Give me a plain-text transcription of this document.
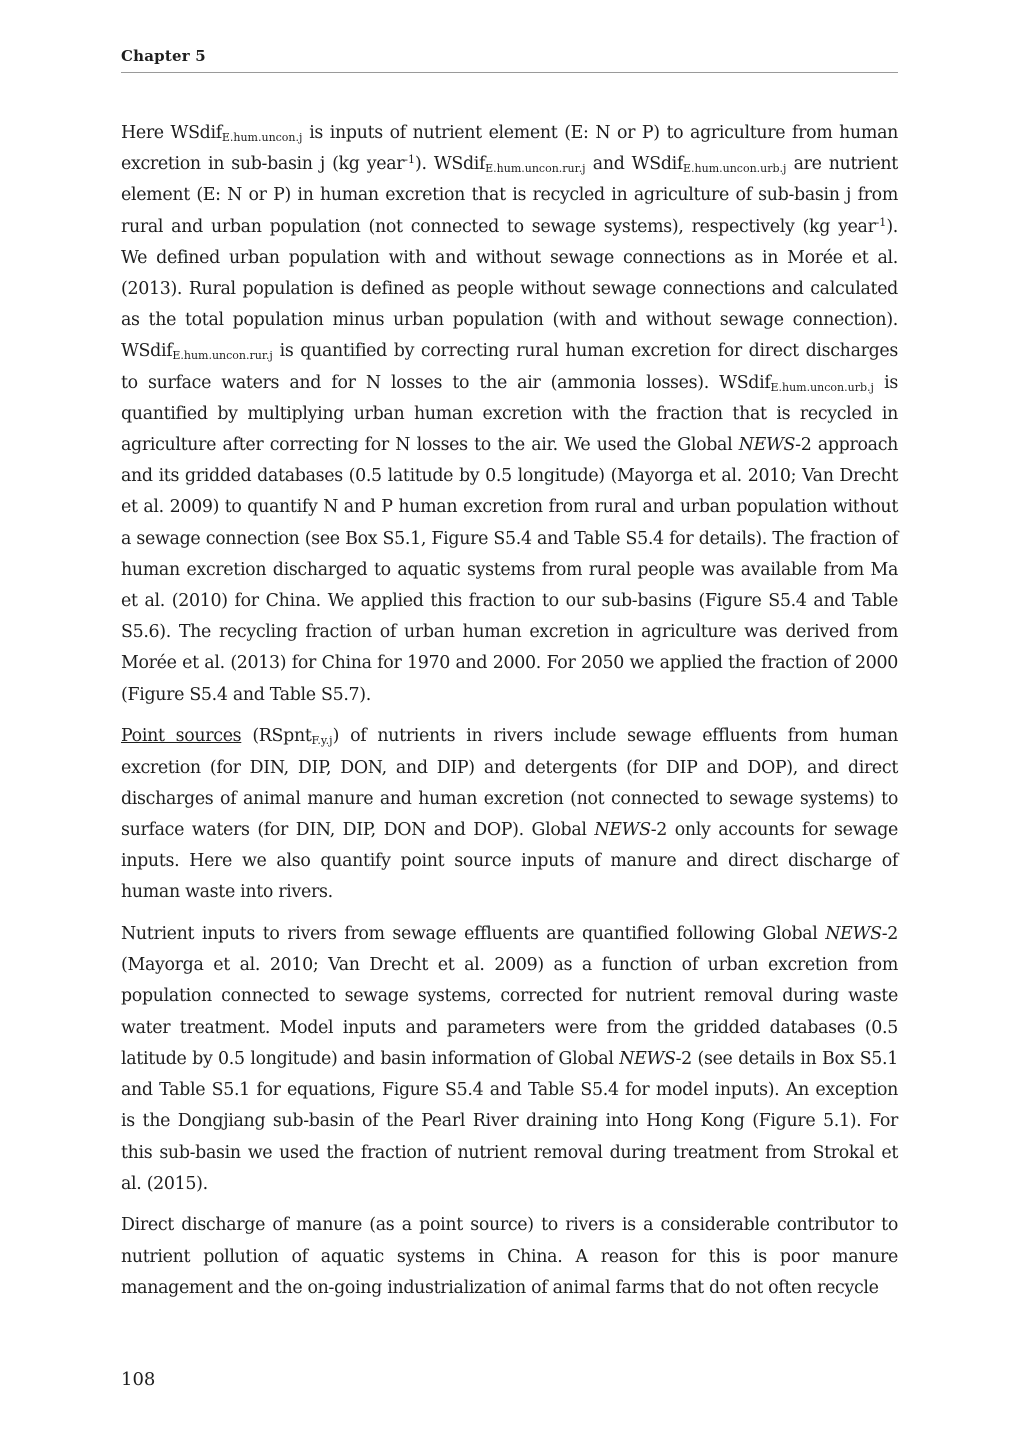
Chapter 5

Here WSdif$_{E.hum.uncon.j}$ is inputs of nutrient element (E: N or P) to agriculture from human excretion in sub-basin j (kg year$^{-1}$). WSdif$_{E.hum.uncon.rur.j}$ and WSdif$_{E.hum.uncon.urb.j}$ are nutrient element (E: N or P) in human excretion that is recycled in agriculture of sub-basin j from rural and urban population (not connected to sewage systems), respectively (kg year$^{-1}$). We defined urban population with and without sewage connections as in Morée et al. (2013). Rural population is defined as people without sewage connections and calculated as the total population minus urban population (with and without sewage connection). WSdif$_{E.hum.uncon.rur.j}$ is quantified by correcting rural human excretion for direct discharges to surface waters and for N losses to the air (ammonia losses). WSdif$_{E.hum.uncon.urb.j}$ is quantified by multiplying urban human excretion with the fraction that is recycled in agriculture after correcting for N losses to the air. We used the Global NEWS-2 approach and its gridded databases (0.5 latitude by 0.5 longitude) (Mayorga et al. 2010; Van Drecht et al. 2009) to quantify N and P human excretion from rural and urban population without a sewage connection (see Box S5.1, Figure S5.4 and Table S5.4 for details). The fraction of human excretion discharged to aquatic systems from rural people was available from Ma et al. (2010) for China. We applied this fraction to our sub-basins (Figure S5.4 and Table S5.6). The recycling fraction of urban human excretion in agriculture was derived from Morée et al. (2013) for China for 1970 and 2000. For 2050 we applied the fraction of 2000 (Figure S5.4 and Table S5.7).

Point sources (RSpnt$_{F.y.j}$) of nutrients in rivers include sewage effluents from human excretion (for DIN, DIP, DON, and DIP) and detergents (for DIP and DOP), and direct discharges of animal manure and human excretion (not connected to sewage systems) to surface waters (for DIN, DIP, DON and DOP). Global NEWS-2 only accounts for sewage inputs. Here we also quantify point source inputs of manure and direct discharge of human waste into rivers.

Nutrient inputs to rivers from sewage effluents are quantified following Global NEWS-2 (Mayorga et al. 2010; Van Drecht et al. 2009) as a function of urban excretion from population connected to sewage systems, corrected for nutrient removal during waste water treatment. Model inputs and parameters were from the gridded databases (0.5 latitude by 0.5 longitude) and basin information of Global NEWS-2 (see details in Box S5.1 and Table S5.1 for equations, Figure S5.4 and Table S5.4 for model inputs). An exception is the Dongjiang sub-basin of the Pearl River draining into Hong Kong (Figure 5.1). For this sub-basin we used the fraction of nutrient removal during treatment from Strokal et al. (2015).

Direct discharge of manure (as a point source) to rivers is a considerable contributor to nutrient pollution of aquatic systems in China. A reason for this is poor manure management and the on-going industrialization of animal farms that do not often recycle

108
